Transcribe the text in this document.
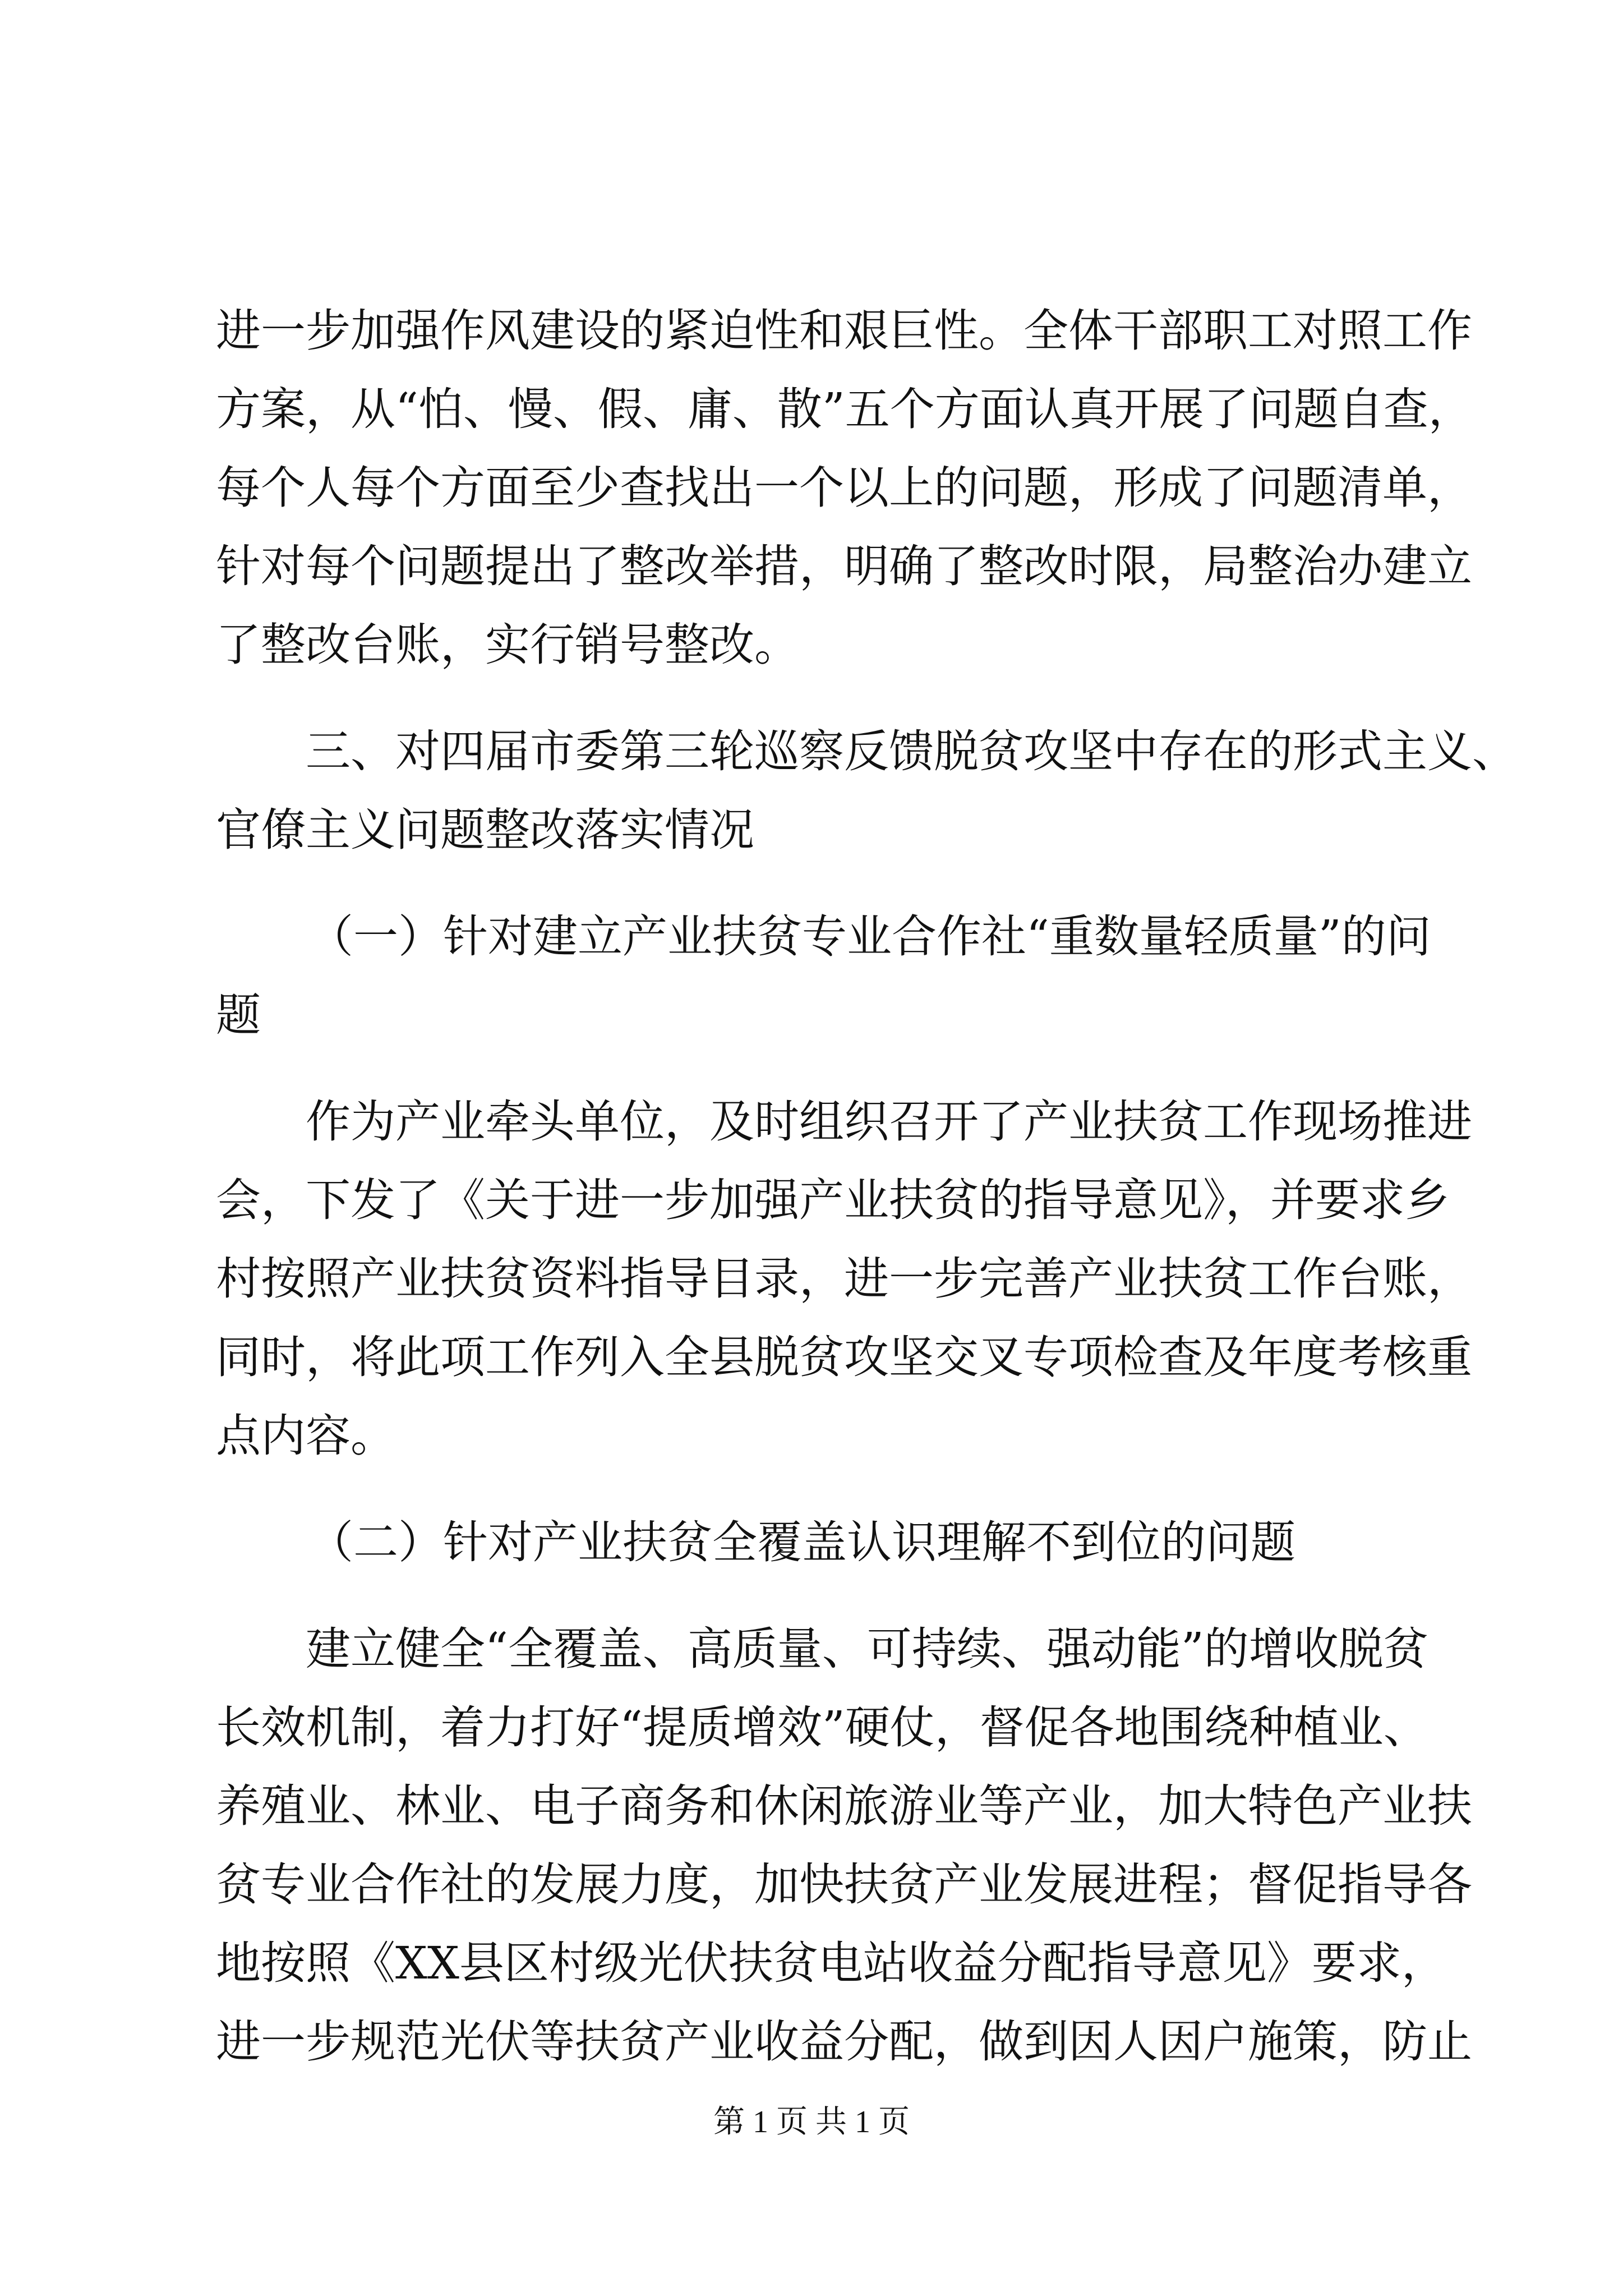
进一步加强作风建设的紧迫性和艰巨性。全体干部职工对照工作
方案，从“怕、慢、假、庸、散”五个方面认真开展了问题自查，
每个人每个方面至少查找出一个以上的问题，形成了问题清单，
针对每个问题提出了整改举措，明确了整改时限，局整治办建立
了整改台账，实行销号整改。
三、对四届市委第三轮巡察反馈脱贫攻坚中存在的形式主义、
官僚主义问题整改落实情况
（一）针对建立产业扶贫专业合作社“重数量轻质量”的问
题
作为产业牵头单位，及时组织召开了产业扶贫工作现场推进
会，下发了《关于进一步加强产业扶贫的指导意见》，并要求乡
村按照产业扶贫资料指导目录，进一步完善产业扶贫工作台账，
同时，将此项工作列入全县脱贫攻坚交叉专项检查及年度考核重
点内容。
（二）针对产业扶贫全覆盖认识理解不到位的问题
建立健全“全覆盖、高质量、可持续、强动能”的增收脱贫
长效机制，着力打好“提质增效”硬仗，督促各地围绕种植业、
养殖业、林业、电子商务和休闲旅游业等产业，加大特色产业扶
贫专业合作社的发展力度，加快扶贫产业发展进程；督促指导各
地按照《XX县区村级光伏扶贫电站收益分配指导意见》要求，
进一步规范光伏等扶贫产业收益分配，做到因人因户施策，防止
第 1 页 共 1 页
